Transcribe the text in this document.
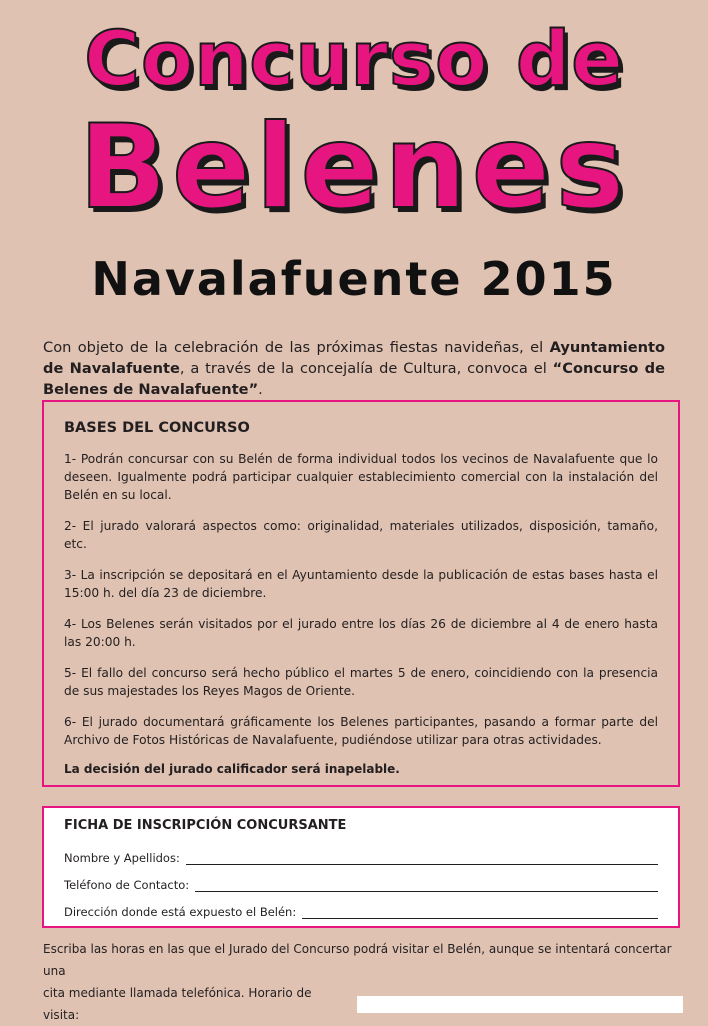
Concurso de
Belenes
Navalafuente 2015

Con objeto de la celebración de las próximas fiestas navideñas, el Ayuntamiento de Navalafuente, a través de la concejalía de Cultura, convoca el “Concurso de Belenes de Navalafuente”.

BASES DEL CONCURSO

1- Podrán concursar con su Belén de forma individual todos los vecinos de Navalafuente que lo deseen. Igualmente podrá participar cualquier establecimiento comercial con la instalación del Belén en su local.

2- El jurado valorará aspectos como: originalidad, materiales utilizados, disposición, tamaño, etc.

3- La inscripción se depositará en el Ayuntamiento desde la publicación de estas bases hasta el 15:00 h. del día 23 de diciembre.

4- Los Belenes serán visitados por el jurado entre los días 26 de diciembre al 4 de enero hasta las 20:00 h.

5- El fallo del concurso será hecho público el martes 5 de enero, coincidiendo con la presencia de sus majestades los Reyes Magos de Oriente.

6- El jurado documentará gráficamente los Belenes participantes, pasando a formar parte del Archivo de Fotos Históricas de Navalafuente, pudiéndose utilizar para otras actividades.

La decisión del jurado calificador será inapelable.

FICHA DE INSCRIPCIÓN CONCURSANTE
Nombre y Apellidos:
Teléfono de Contacto:
Dirección donde está expuesto el Belén:
Escriba las horas en las que el Jurado del Concurso podrá visitar el Belén, aunque se intentará concertar una
cita mediante llamada telefónica. Horario de visita:
